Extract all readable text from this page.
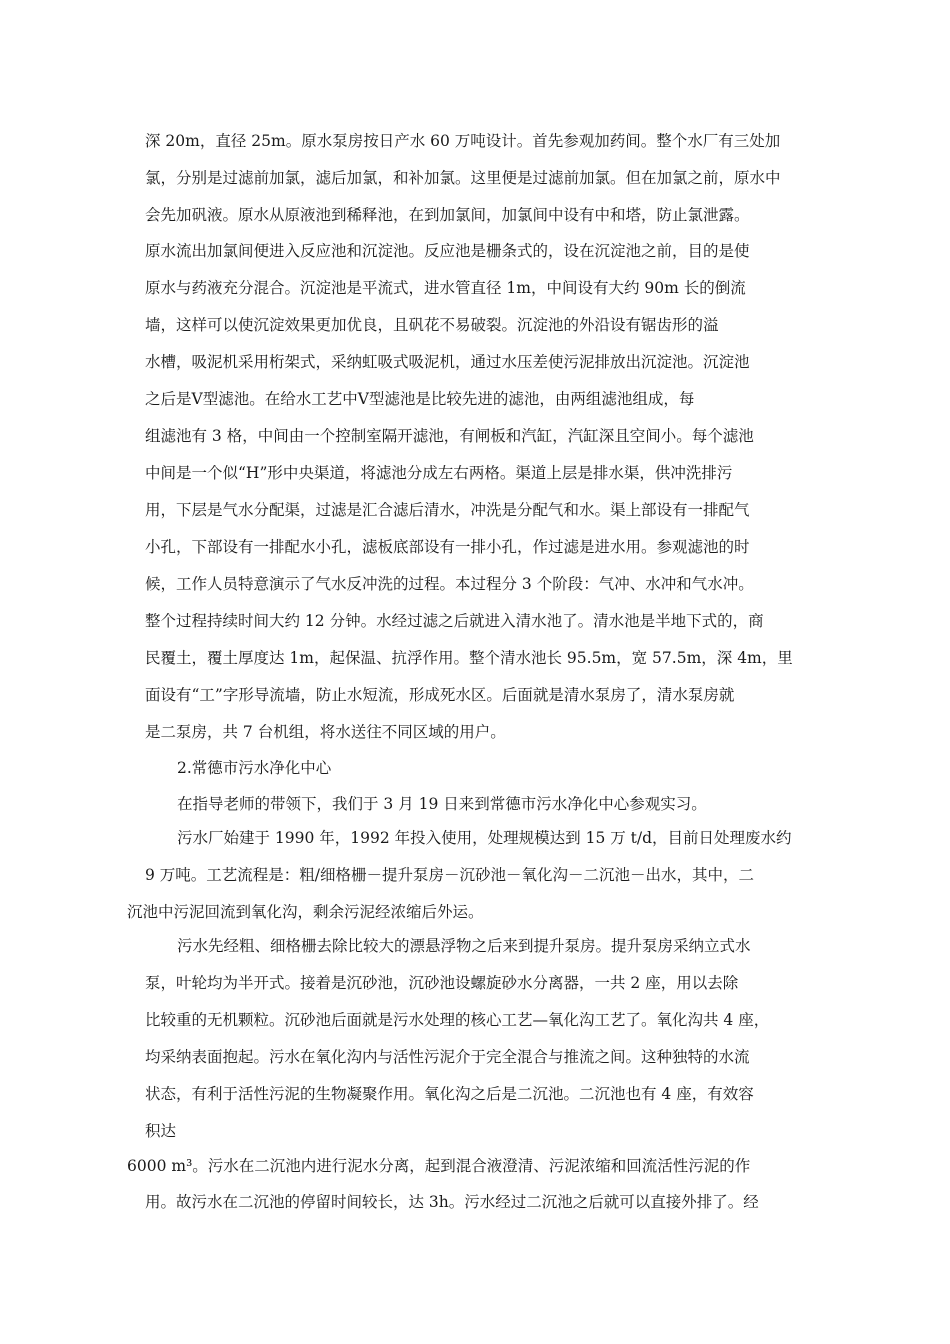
深 20m，直径 25m。原水泵房按日产水 60 万吨设计。首先参观加药间。整个水厂有三处加
氯，分别是过滤前加氯，滤后加氯，和补加氯。这里便是过滤前加氯。但在加氯之前，原水中
会先加矾液。原水从原液池到稀释池，在到加氯间，加氯间中设有中和塔，防止氯泄露。
原水流出加氯间便进入反应池和沉淀池。反应池是栅条式的，设在沉淀池之前，目的是使
原水与药液充分混合。沉淀池是平流式，进水管直径 1m，中间设有大约 90m 长的倒流
墙，这样可以使沉淀效果更加优良，且矾花不易破裂。沉淀池的外沿设有锯齿形的溢
水槽，吸泥机采用桁架式，采纳虹吸式吸泥机，通过水压差使污泥排放出沉淀池。沉淀池
之后是V型滤池。在给水工艺中V型滤池是比较先进的滤池，由两组滤池组成，每
组滤池有 3 格，中间由一个控制室隔开滤池，有闸板和汽缸，汽缸深且空间小。每个滤池
中间是一个似“H”形中央渠道，将滤池分成左右两格。渠道上层是排水渠，供冲洗排污
用，下层是气水分配渠，过滤是汇合滤后清水，冲洗是分配气和水。渠上部设有一排配气
小孔，下部设有一排配水小孔，滤板底部设有一排小孔，作过滤是进水用。参观滤池的时
候，工作人员特意演示了气水反冲洗的过程。本过程分 3 个阶段：气冲、水冲和气水冲。
整个过程持续时间大约 12 分钟。水经过滤之后就进入清水池了。清水池是半地下式的，商
民覆土，覆土厚度达 1m，起保温、抗浮作用。整个清水池长 95.5m，宽 57.5m，深 4m，里
面设有“工”字形导流墙，防止水短流，形成死水区。后面就是清水泵房了，清水泵房就
是二泵房，共 7 台机组，将水送往不同区域的用户。
2.常德市污水净化中心
在指导老师的带领下，我们于 3 月 19 日来到常德市污水净化中心参观实习。
污水厂始建于 1990 年，1992 年投入使用，处理规模达到 15 万 t/d，目前日处理废水约
9 万吨。工艺流程是：粗/细格栅－提升泵房－沉砂池－氧化沟－二沉池－出水，其中，二
沉池中污泥回流到氧化沟，剩余污泥经浓缩后外运。
污水先经粗、细格栅去除比较大的漂悬浮物之后来到提升泵房。提升泵房采纳立式水
泵，叶轮均为半开式。接着是沉砂池，沉砂池设螺旋砂水分离器，一共 2 座，用以去除
比较重的无机颗粒。沉砂池后面就是污水处理的核心工艺—氧化沟工艺了。氧化沟共 4 座，
均采纳表面抱起。污水在氧化沟内与活性污泥介于完全混合与推流之间。这种独特的水流
状态，有利于活性污泥的生物凝聚作用。氧化沟之后是二沉池。二沉池也有 4 座，有效容
积达
6000 m³。污水在二沉池内进行泥水分离，起到混合液澄清、污泥浓缩和回流活性污泥的作
用。故污水在二沉池的停留时间较长，达 3h。污水经过二沉池之后就可以直接外排了。经
